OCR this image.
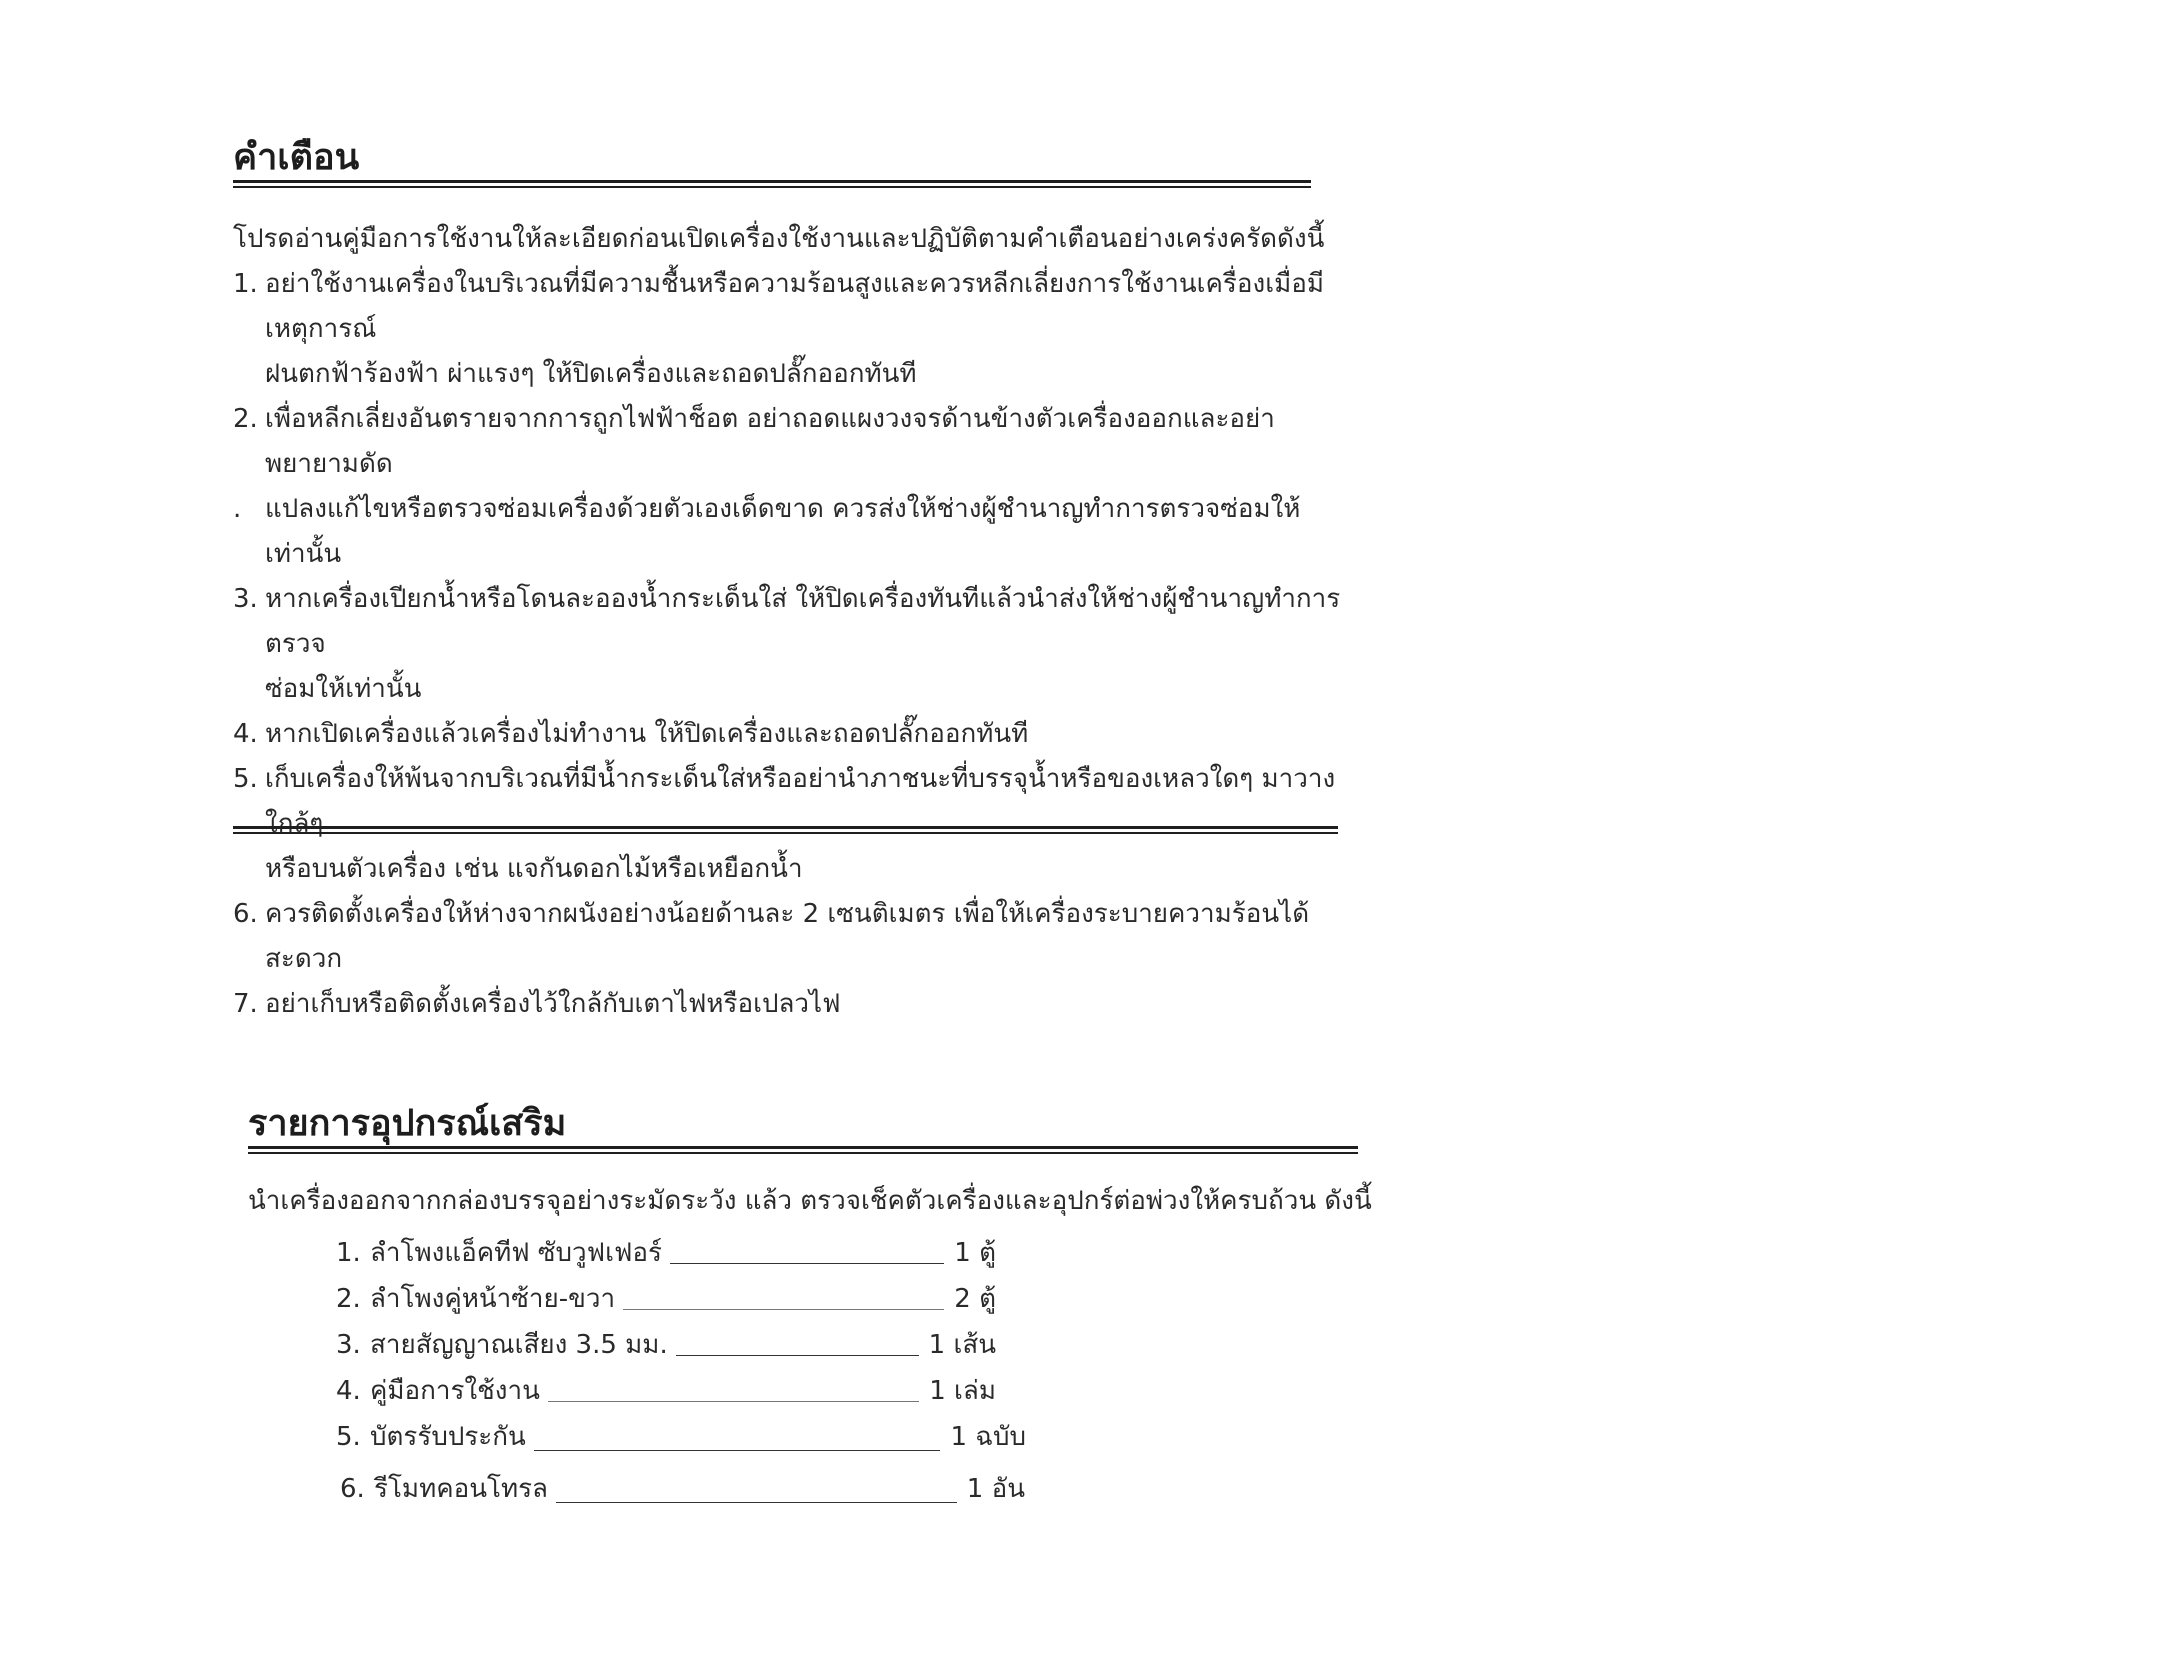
คำเตือน
โปรดอ่านคู่มือการใช้งานให้ละเอียดก่อนเปิดเครื่องใช้งานและปฏิบัติตามคำเตือนอย่างเคร่งครัดดังนี้
1. อย่าใช้งานเครื่องในบริเวณที่มีความชื้นหรือความร้อนสูงและควรหลีกเลี่ยงการใช้งานเครื่องเมื่อมีเหตุการณ์
ฝนตกฟ้าร้องฟ้า ผ่าแรงๆ ให้ปิดเครื่องและถอดปลั๊กออกทันที
2. เพื่อหลีกเลี่ยงอันตรายจากการถูกไฟฟ้าช็อต อย่าถอดแผงวงจรด้านข้างตัวเครื่องออกและอย่าพยายามดัด
. แปลงแก้ไขหรือตรวจซ่อมเครื่องด้วยตัวเองเด็ดขาด ควรส่งให้ช่างผู้ชำนาญทำการตรวจซ่อมให้เท่านั้น
3. หากเครื่องเปียกน้ำหรือโดนละอองน้ำกระเด็นใส่ ให้ปิดเครื่องทันทีแล้วนำส่งให้ช่างผู้ชำนาญทำการตรวจ
ซ่อมให้เท่านั้น
4. หากเปิดเครื่องแล้วเครื่องไม่ทำงาน ให้ปิดเครื่องและถอดปลั๊กออกทันที
5. เก็บเครื่องให้พ้นจากบริเวณที่มีน้ำกระเด็นใส่หรืออย่านำภาชนะที่บรรจุน้ำหรือของเหลวใดๆ มาวางใกล้ๆ
หรือบนตัวเครื่อง เช่น แจกันดอกไม้หรือเหยือกน้ำ
6. ควรติดตั้งเครื่องให้ห่างจากผนังอย่างน้อยด้านละ 2 เซนติเมตร เพื่อให้เครื่องระบายความร้อนได้สะดวก
7. อย่าเก็บหรือติดตั้งเครื่องไว้ใกล้กับเตาไฟหรือเปลวไฟ
รายการอุปกรณ์เสริม
นำเครื่องออกจากกล่องบรรจุอย่างระมัดระวัง แล้ว ตรวจเช็คตัวเครื่องและอุปกร์ต่อพ่วงให้ครบถ้วน ดังนี้
1. ลำโพงแอ็คทีฟ ซับวูฟเฟอร์	1 ตู้
2. ลำโพงคู่หน้าซ้าย-ขวา	2 ตู้
3. สายสัญญาณเสียง 3.5 มม.	1 เส้น
4. คู่มือการใช้งาน	1 เล่ม
5. บัตรรับประกัน	1 ฉบับ
6. รีโมทคอนโทรล	1 อัน
